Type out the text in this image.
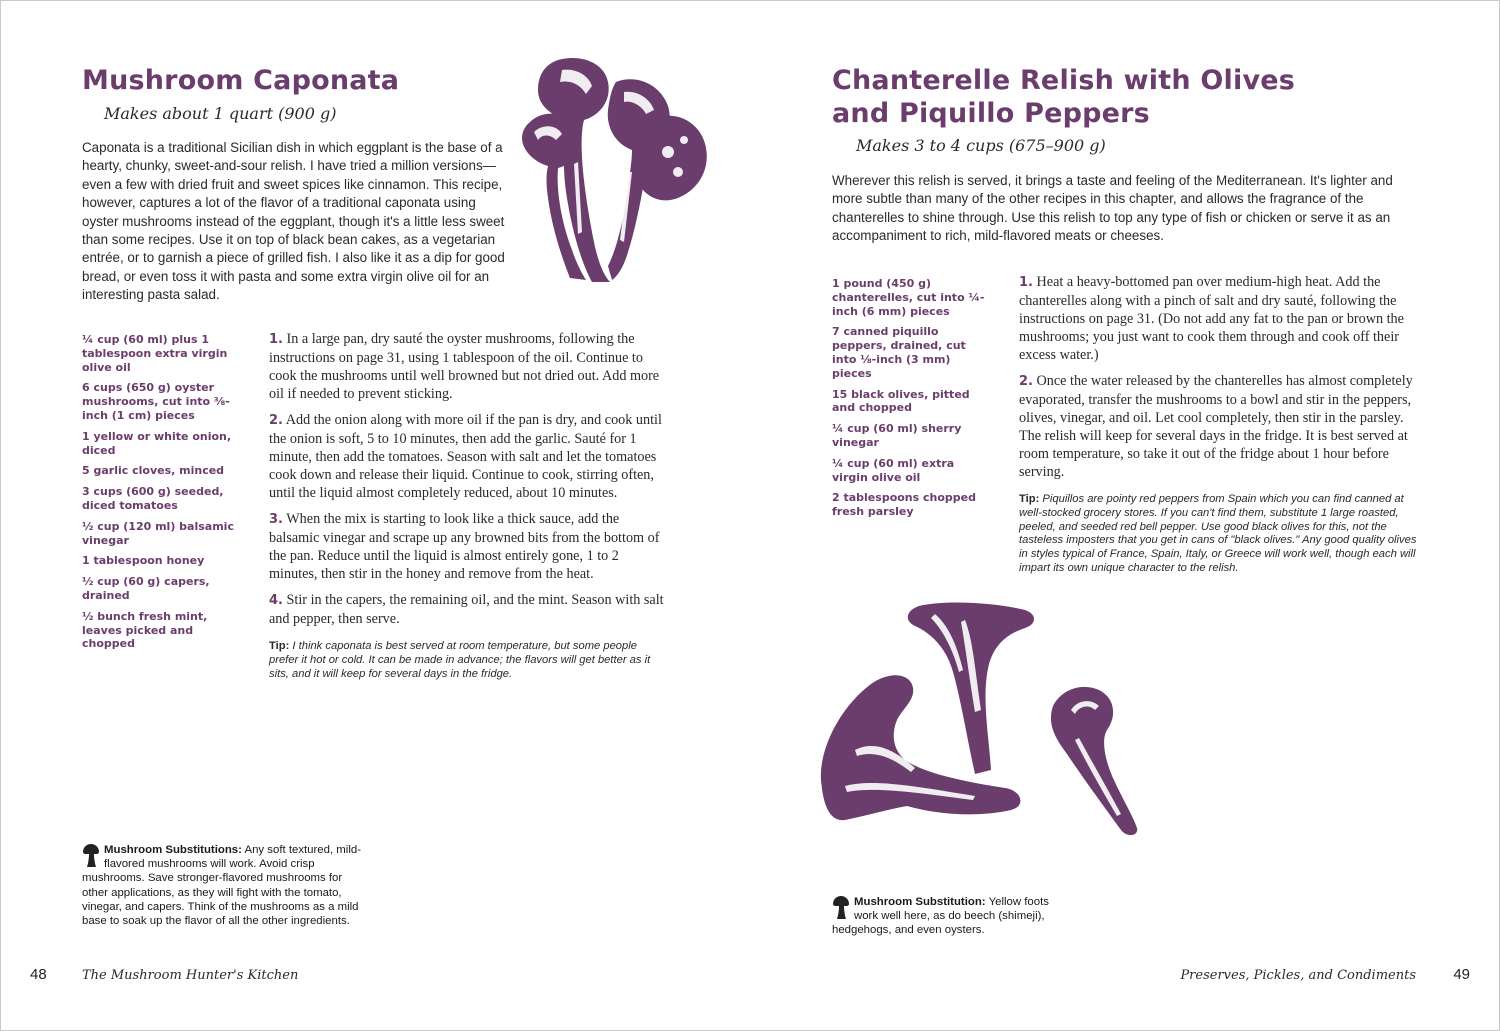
Mushroom Caponata
Makes about 1 quart (900 g)
Caponata is a traditional Sicilian dish in which eggplant is the base of a hearty, chunky, sweet-and-sour relish. I have tried a million versions—even a few with dried fruit and sweet spices like cinnamon. This recipe, however, captures a lot of the flavor of a traditional caponata using oyster mushrooms instead of the eggplant, though it's a little less sweet than some recipes. Use it on top of black bean cakes, as a vegetarian entrée, or to garnish a piece of grilled fish. I also like it as a dip for good bread, or even toss it with pasta and some extra virgin olive oil for an interesting pasta salad.
¼ cup (60 ml) plus 1 tablespoon extra virgin olive oil
6 cups (650 g) oyster mushrooms, cut into ⅜-inch (1 cm) pieces
1 yellow or white onion, diced
5 garlic cloves, minced
3 cups (600 g) seeded, diced tomatoes
½ cup (120 ml) balsamic vinegar
1 tablespoon honey
½ cup (60 g) capers, drained
½ bunch fresh mint, leaves picked and chopped

1. In a large pan, dry sauté the oyster mushrooms, following the instructions on page 31, using 1 tablespoon of the oil. Continue to cook the mushrooms until well browned but not dried out. Add more oil if needed to prevent sticking.

2. Add the onion along with more oil if the pan is dry, and cook until the onion is soft, 5 to 10 minutes, then add the garlic. Sauté for 1 minute, then add the tomatoes. Season with salt and let the tomatoes cook down and release their liquid. Continue to cook, stirring often, until the liquid almost completely reduced, about 10 minutes.

3. When the mix is starting to look like a thick sauce, add the balsamic vinegar and scrape up any browned bits from the bottom of the pan. Reduce until the liquid is almost entirely gone, 1 to 2 minutes, then stir in the honey and remove from the heat.

4. Stir in the capers, the remaining oil, and the mint. Season with salt and pepper, then serve.

Tip: I think caponata is best served at room temperature, but some people prefer it hot or cold. It can be made in advance; the flavors will get better as it sits, and it will keep for several days in the fridge.

Mushroom Substitutions: Any soft textured, mild-flavored mushrooms will work. Avoid crisp mushrooms. Save stronger-flavored mushrooms for other applications, as they will fight with the tomato, vinegar, and capers. Think of the mushrooms as a mild base to soak up the flavor of all the other ingredients.
48	The Mushroom Hunter's Kitchen
Chanterelle Relish with Olives
and Piquillo Peppers
Makes 3 to 4 cups (675–900 g)
Wherever this relish is served, it brings a taste and feeling of the Mediterranean. It's lighter and more subtle than many of the other recipes in this chapter, and allows the fragrance of the chanterelles to shine through. Use this relish to top any type of fish or chicken or serve it as an accompaniment to rich, mild-flavored meats or cheeses.
1 pound (450 g) chanterelles, cut into ¼-inch (6 mm) pieces
7 canned piquillo peppers, drained, cut into ⅛-inch (3 mm) pieces
15 black olives, pitted and chopped
¼ cup (60 ml) sherry vinegar
¼ cup (60 ml) extra virgin olive oil
2 tablespoons chopped fresh parsley

1. Heat a heavy-bottomed pan over medium-high heat. Add the chanterelles along with a pinch of salt and dry sauté, following the instructions on page 31. (Do not add any fat to the pan or brown the mushrooms; you just want to cook them through and cook off their excess water.)

2. Once the water released by the chanterelles has almost completely evaporated, transfer the mushrooms to a bowl and stir in the peppers, olives, vinegar, and oil. Let cool completely, then stir in the parsley. The relish will keep for several days in the fridge. It is best served at room temperature, so take it out of the fridge about 1 hour before serving.

Tip: Piquillos are pointy red peppers from Spain which you can find canned at well-stocked grocery stores. If you can't find them, substitute 1 large roasted, peeled, and seeded red bell pepper. Use good black olives for this, not the tasteless imposters that you get in cans of "black olives." Any good quality olives in styles typical of France, Spain, Italy, or Greece will work well, though each will impart its own unique character to the relish.

Mushroom Substitution: Yellow foots work well here, as do beech (shimeji), hedgehogs, and even oysters.
Preserves, Pickles, and Condiments 49
